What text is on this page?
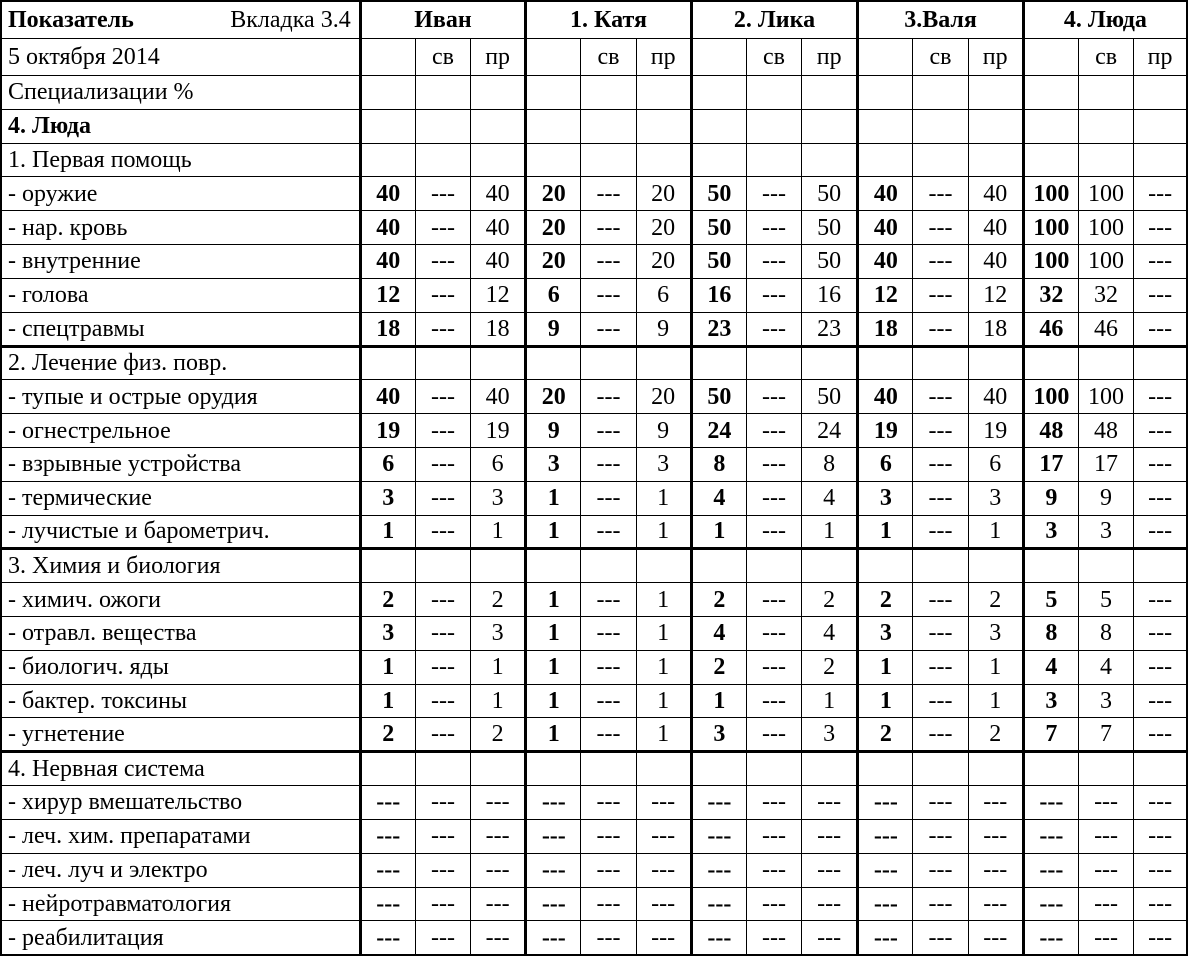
Показатель Вкладка 3.4	Иван			1. Катя			2. Лика			3.Валя			4. Люда		
5 октября 2014		св	пр		св	пр		св	пр		св	пр		св	пр
Специализации %															
4. Люда															
1. Первая помощь															
- оружие	40	---	40	20	---	20	50	---	50	40	---	40	100	100	---
- нар. кровь	40	---	40	20	---	20	50	---	50	40	---	40	100	100	---
- внутренние	40	---	40	20	---	20	50	---	50	40	---	40	100	100	---
- голова	12	---	12	6	---	6	16	---	16	12	---	12	32	32	---
- спецтравмы	18	---	18	9	---	9	23	---	23	18	---	18	46	46	---
2. Лечение физ. повр.															
- тупые и острые орудия	40	---	40	20	---	20	50	---	50	40	---	40	100	100	---
- огнестрельное	19	---	19	9	---	9	24	---	24	19	---	19	48	48	---
- взрывные устройства	6	---	6	3	---	3	8	---	8	6	---	6	17	17	---
- термические	3	---	3	1	---	1	4	---	4	3	---	3	9	9	---
- лучистые и барометрич.	1	---	1	1	---	1	1	---	1	1	---	1	3	3	---
3. Химия и биология															
- химич. ожоги	2	---	2	1	---	1	2	---	2	2	---	2	5	5	---
- отравл. вещества	3	---	3	1	---	1	4	---	4	3	---	3	8	8	---
- биологич. яды	1	---	1	1	---	1	2	---	2	1	---	1	4	4	---
- бактер. токсины	1	---	1	1	---	1	1	---	1	1	---	1	3	3	---
- угнетение	2	---	2	1	---	1	3	---	3	2	---	2	7	7	---
4. Нервная система															
- хирур вмешательство	---	---	---	---	---	---	---	---	---	---	---	---	---	---	---
- леч. хим. препаратами	---	---	---	---	---	---	---	---	---	---	---	---	---	---	---
- леч. луч и электро	---	---	---	---	---	---	---	---	---	---	---	---	---	---	---
- нейротравматология	---	---	---	---	---	---	---	---	---	---	---	---	---	---	---
- реабилитация	---	---	---	---	---	---	---	---	---	---	---	---	---	---	---
